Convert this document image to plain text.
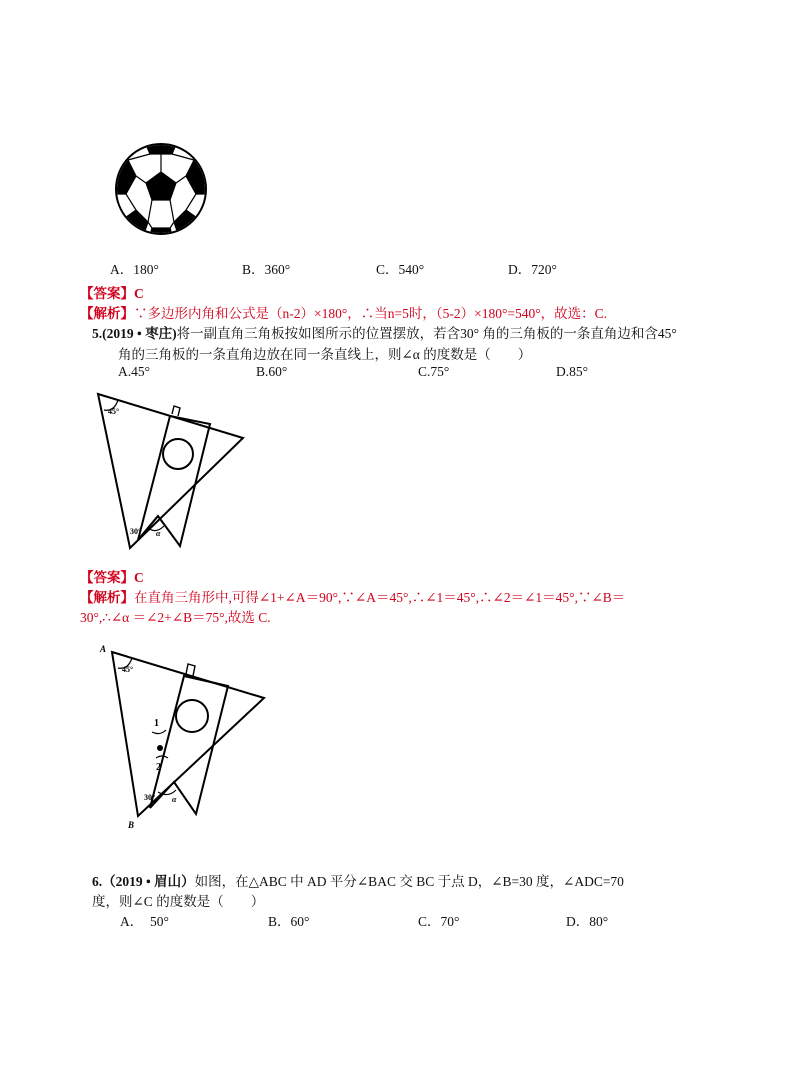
A．180°	B．360°	C．540°	D．720°
【答案】C
【解析】∵多边形内角和公式是（n-2）×180°，∴当n=5时，（5-2）×180°=540°，故选：C.
5.(2019 • 枣庄)将一副直角三角板按如图所示的位置摆放，若含30° 角的三角板的一条直角边和含45°
角的三角板的一条直角边放在同一条直线上，则∠α 的度数是（　　）
A.45°	B.60°	C.75°	D.85°
45°
30° α
【答案】C
【解析】在直角三角形中,可得∠1+∠A＝90°,∵∠A＝45°,∴∠1＝45°,∴∠2＝∠1＝45°,∵∠B＝
30°,∴∠α ＝∠2+∠B＝75°,故选 C.
A
B
1
2
45°
30° α
6.（2019 • 眉山）如图，在△ABC 中 AD 平分∠BAC 交 BC 于点 D，∠B=30 度，∠ADC=70
度，则∠C 的度数是（　　）
A．　50°	B．60°	C．70°	D．80°
